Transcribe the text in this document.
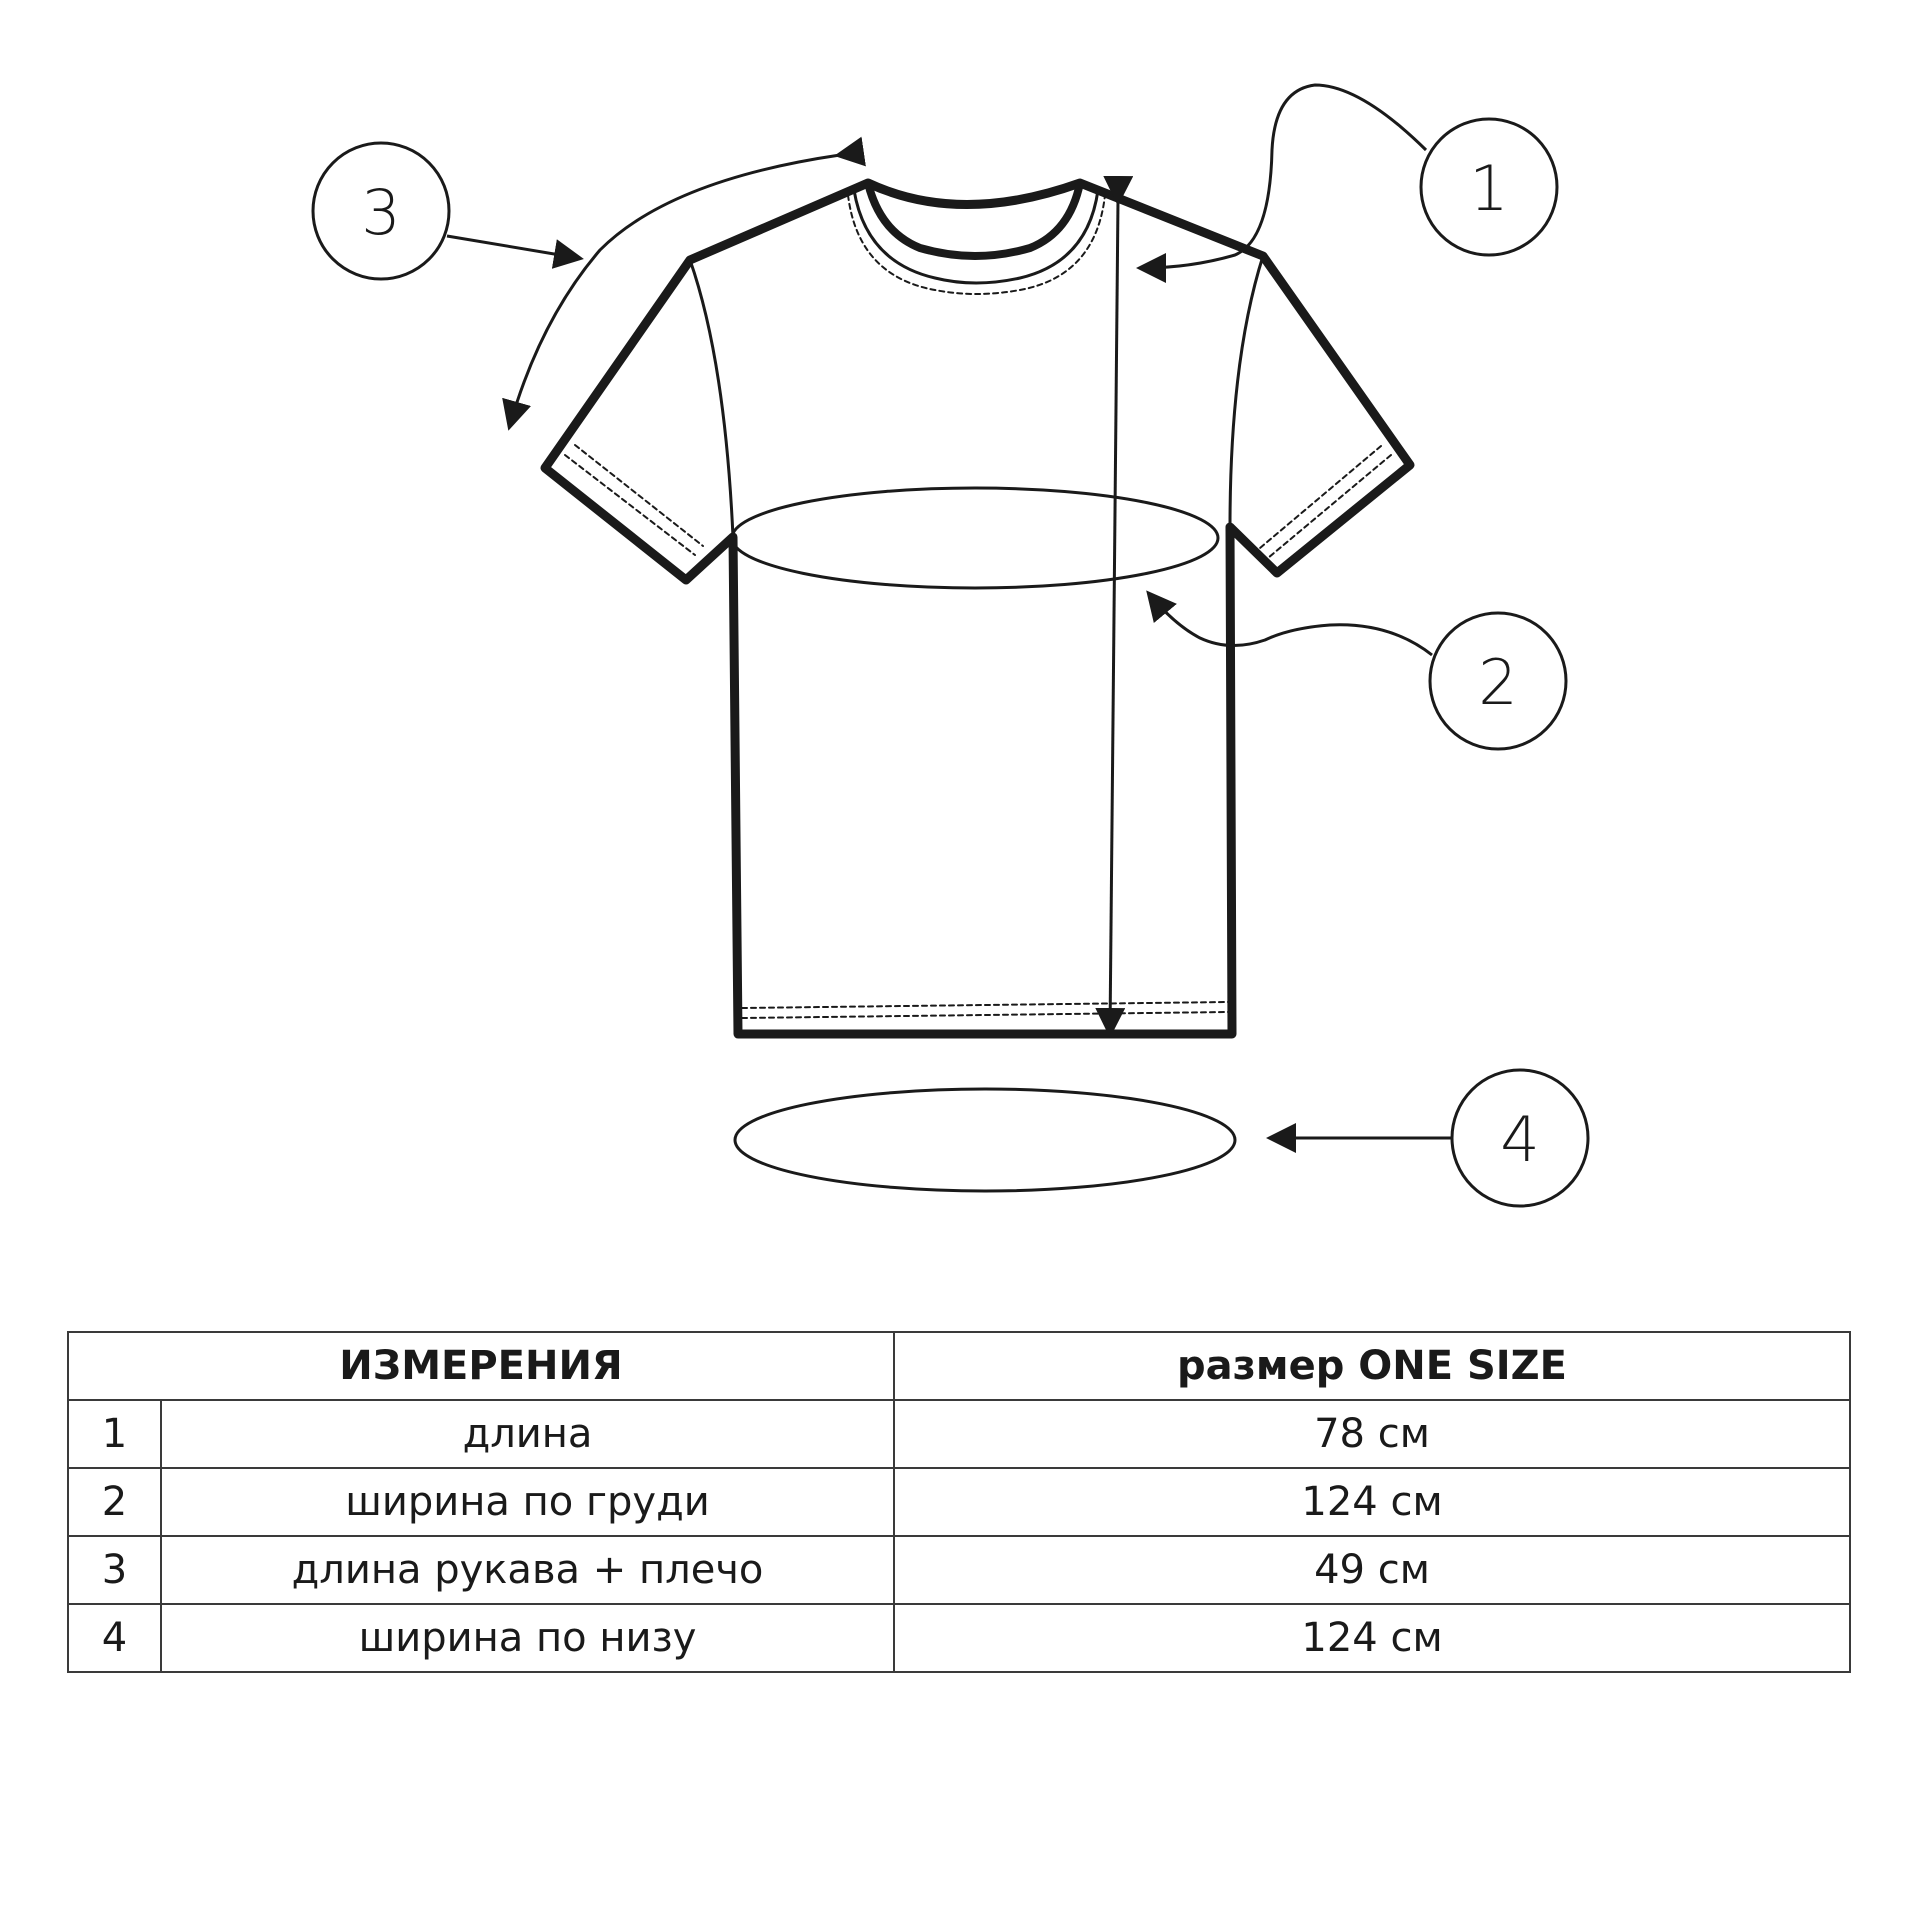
1
2
3
4
ИЗМЕРЕНИЯ		размер ONE SIZE
1	длина	78 см
2	ширина по груди	124 см
3	длина рукава + плечо	49 см
4	ширина по низу	124 см
